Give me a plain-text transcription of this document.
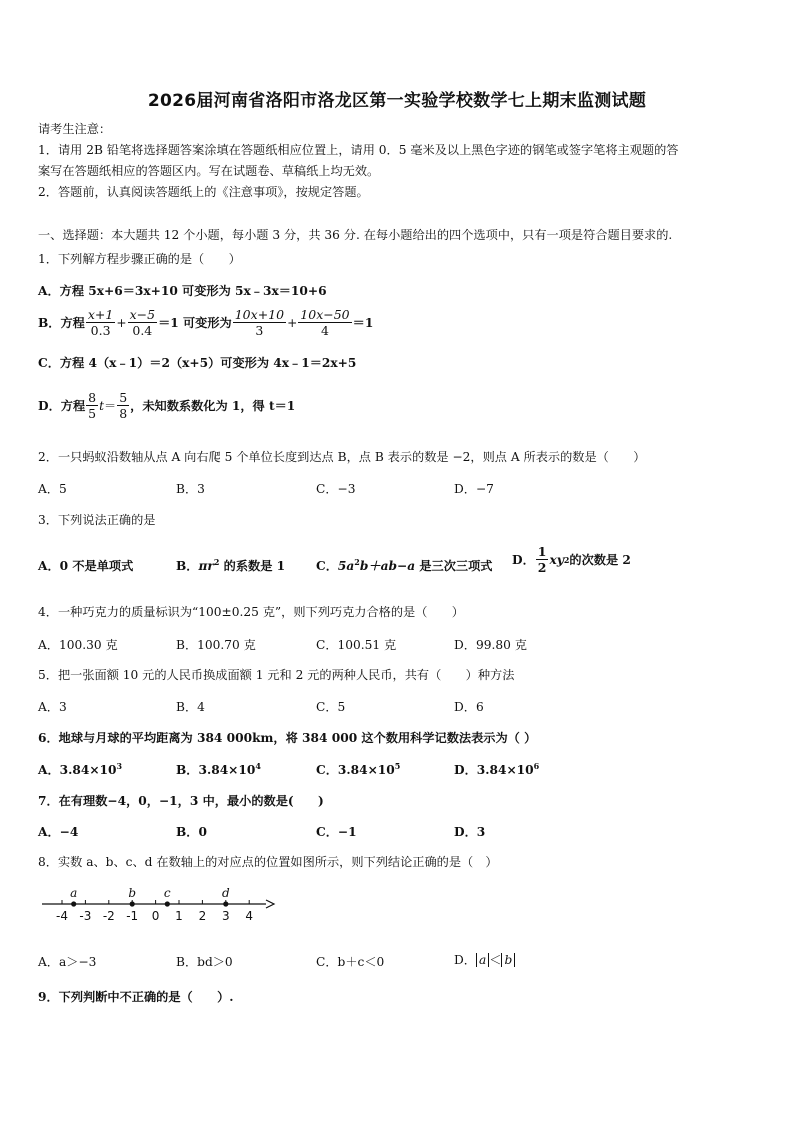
2026届河南省洛阳市洛龙区第一实验学校数学七上期末监测试题
请考生注意：
1．请用 2B 铅笔将选择题答案涂填在答题纸相应位置上，请用 0．5 毫米及以上黑色字迹的钢笔或签字笔将主观题的答
案写在答题纸相应的答题区内。写在试题卷、草稿纸上均无效。
2．答题前，认真阅读答题纸上的《注意事项》，按规定答题。
一、选择题：本大题共 12 个小题，每小题 3 分，共 36 分. 在每小题给出的四个选项中，只有一项是符合题目要求的.
1．下列解方程步骤正确的是（　　）
A．方程 5x+6＝3x+10 可变形为 5x﹣3x＝10+6
B．方程 $\frac{x+1}{0.3} + \frac{x-5}{0.4} =1$ 可变形为 $\frac{10x+10}{3} + \frac{10x-50}{4} =1$
C．方程 4（x﹣1）＝2（x+5）可变形为 4x﹣1＝2x+5
D．方程 $\frac{8}{5}$ $t = \frac{5}{8}$ ，未知数系数化为 1，得 t＝1
2．一只蚂蚁沿数轴从点 A 向右爬 5 个单位长度到达点 B，点 B 表示的数是 −2，则点 A 所表示的数是（　　）
A．5	B．3	C．−3	D．−7
3．下列说法正确的是
A．0 不是单项式	B．$\pi r^2$ 的系数是 1	C．$5a^2b+ab-a$ 是三次三项式 D． $\frac{1}{2}$ xy 2 的次数是 2
4．一种巧克力的质量标识为“100±0.25 克”，则下列巧克力合格的是（　　）
A．100.30 克	B．100.70 克	C．100.51 克	D．99.80 克
5．把一张面额 10 元的人民币换成面额 1 元和 2 元的两种人民币，共有（　　）种方法
A．3	B．4	C．5	D．6
6．地球与月球的平均距离为 384 000km，将 384 000 这个数用科学记数法表示为（ ）
A．$3.84\times 10^3$	B．$3.84\times 10^4$	C．$3.84\times 10^5$	D．$3.84\times 10^6$
7．在有理数−4，0，−1，3 中，最小的数是(　　)
A．−4	B．0	C．−1	D．3
8．实数 a、b、c、d 在数轴上的对应点的位置如图所示，则下列结论正确的是（　）
-4 -3 -2 -1 0 1 2 3 4
a	b c	d
A．a＞−3	B．bd＞0	C．b＋c＜0	D． a ＜ b
9．下列判断中不正确的是（　　）.
